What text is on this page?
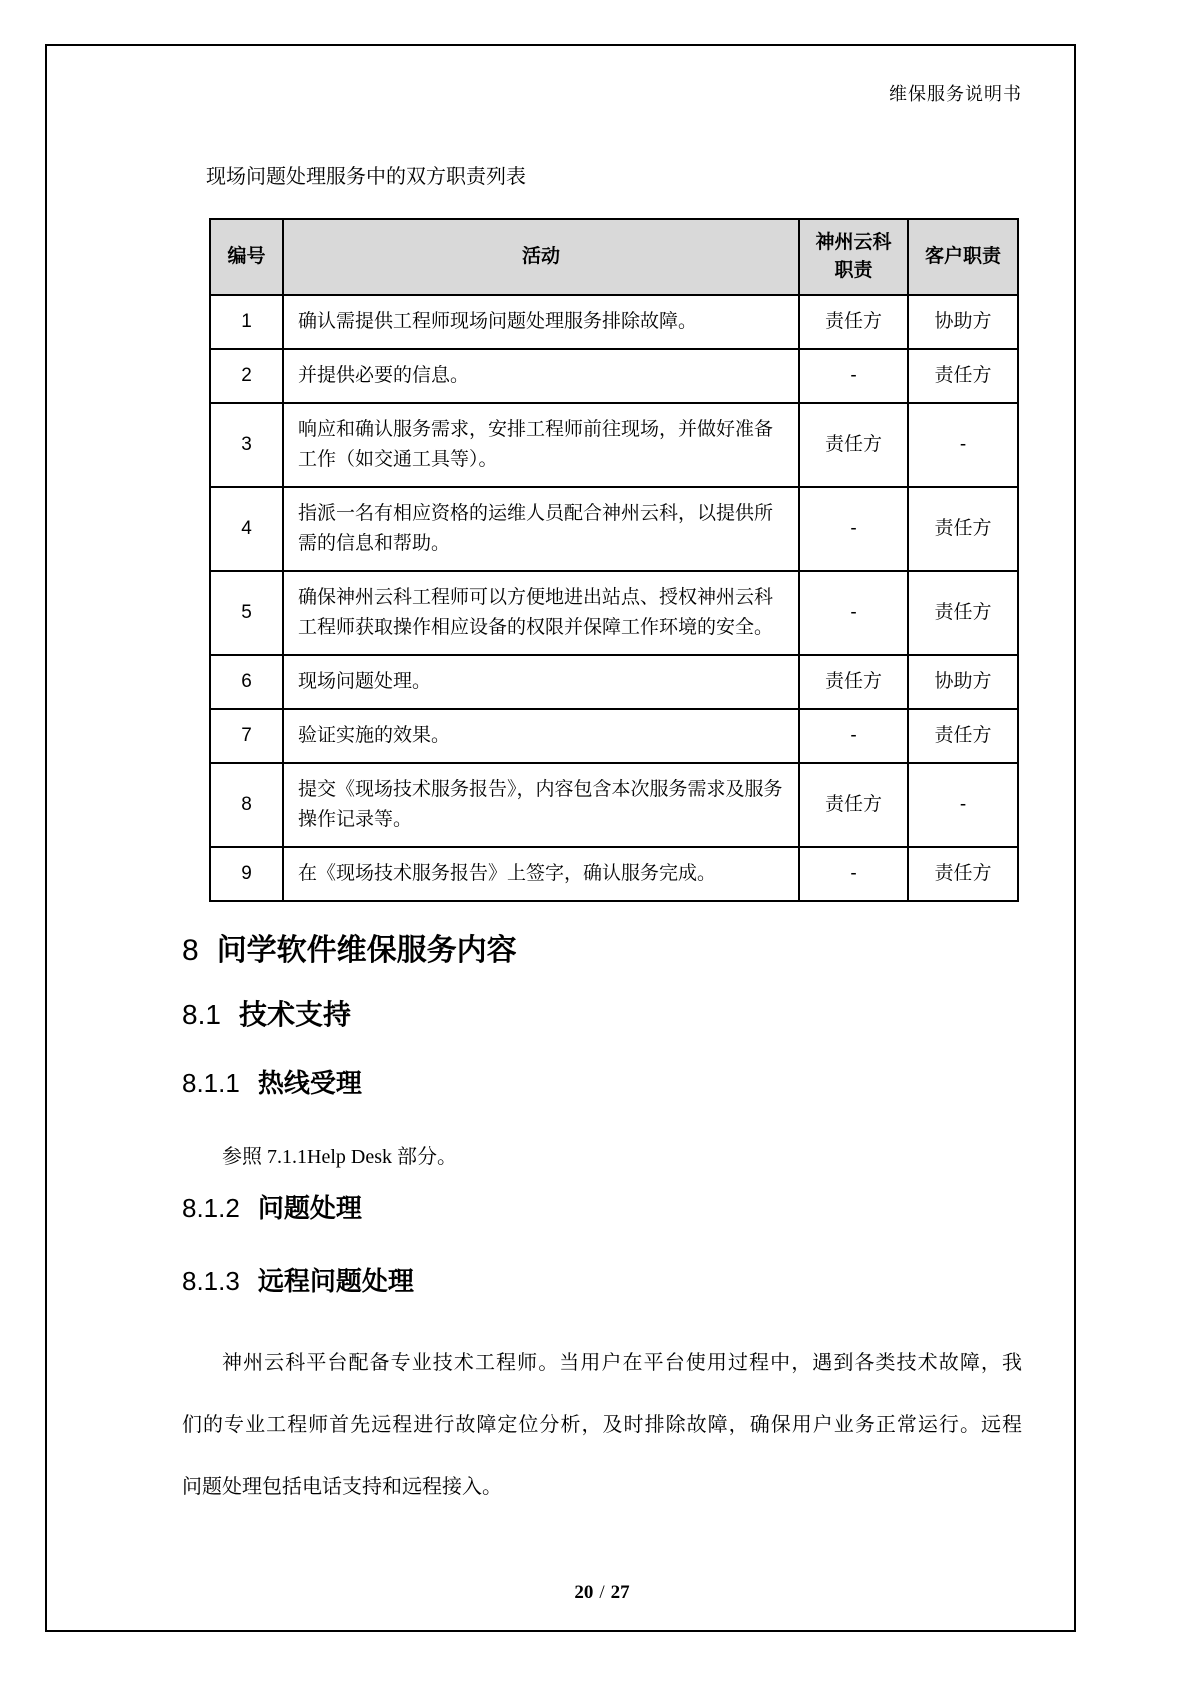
维保服务说明书
现场问题处理服务中的双方职责列表
编号	活动	神州云科职责	客户职责
1	确认需提供工程师现场问题处理服务排除故障。	责任方	协助方
2	并提供必要的信息。	-	责任方
3	响应和确认服务需求，安排工程师前往现场，并做好准备工作（如交通工具等）。	责任方	-
4	指派一名有相应资格的运维人员配合神州云科，以提供所需的信息和帮助。	-	责任方
5	确保神州云科工程师可以方便地进出站点、授权神州云科工程师获取操作相应设备的权限并保障工作环境的安全。	-	责任方
6	现场问题处理。	责任方	协助方
7	验证实施的效果。	-	责任方
8	提交《现场技术服务报告》，内容包含本次服务需求及服务操作记录等。	责任方	-
9	在《现场技术服务报告》上签字，确认服务完成。	-	责任方
8 问学软件维保服务内容
8.1 技术支持
8.1.1 热线受理
参照 7.1.1Help Desk 部分。
8.1.2 问题处理
8.1.3 远程问题处理
神州云科平台配备专业技术工程师。当用户在平台使用过程中，遇到各类技术故障，我
们的专业工程师首先远程进行故障定位分析，及时排除故障，确保用户业务正常运行。远程
问题处理包括电话支持和远程接入。
20 / 27
